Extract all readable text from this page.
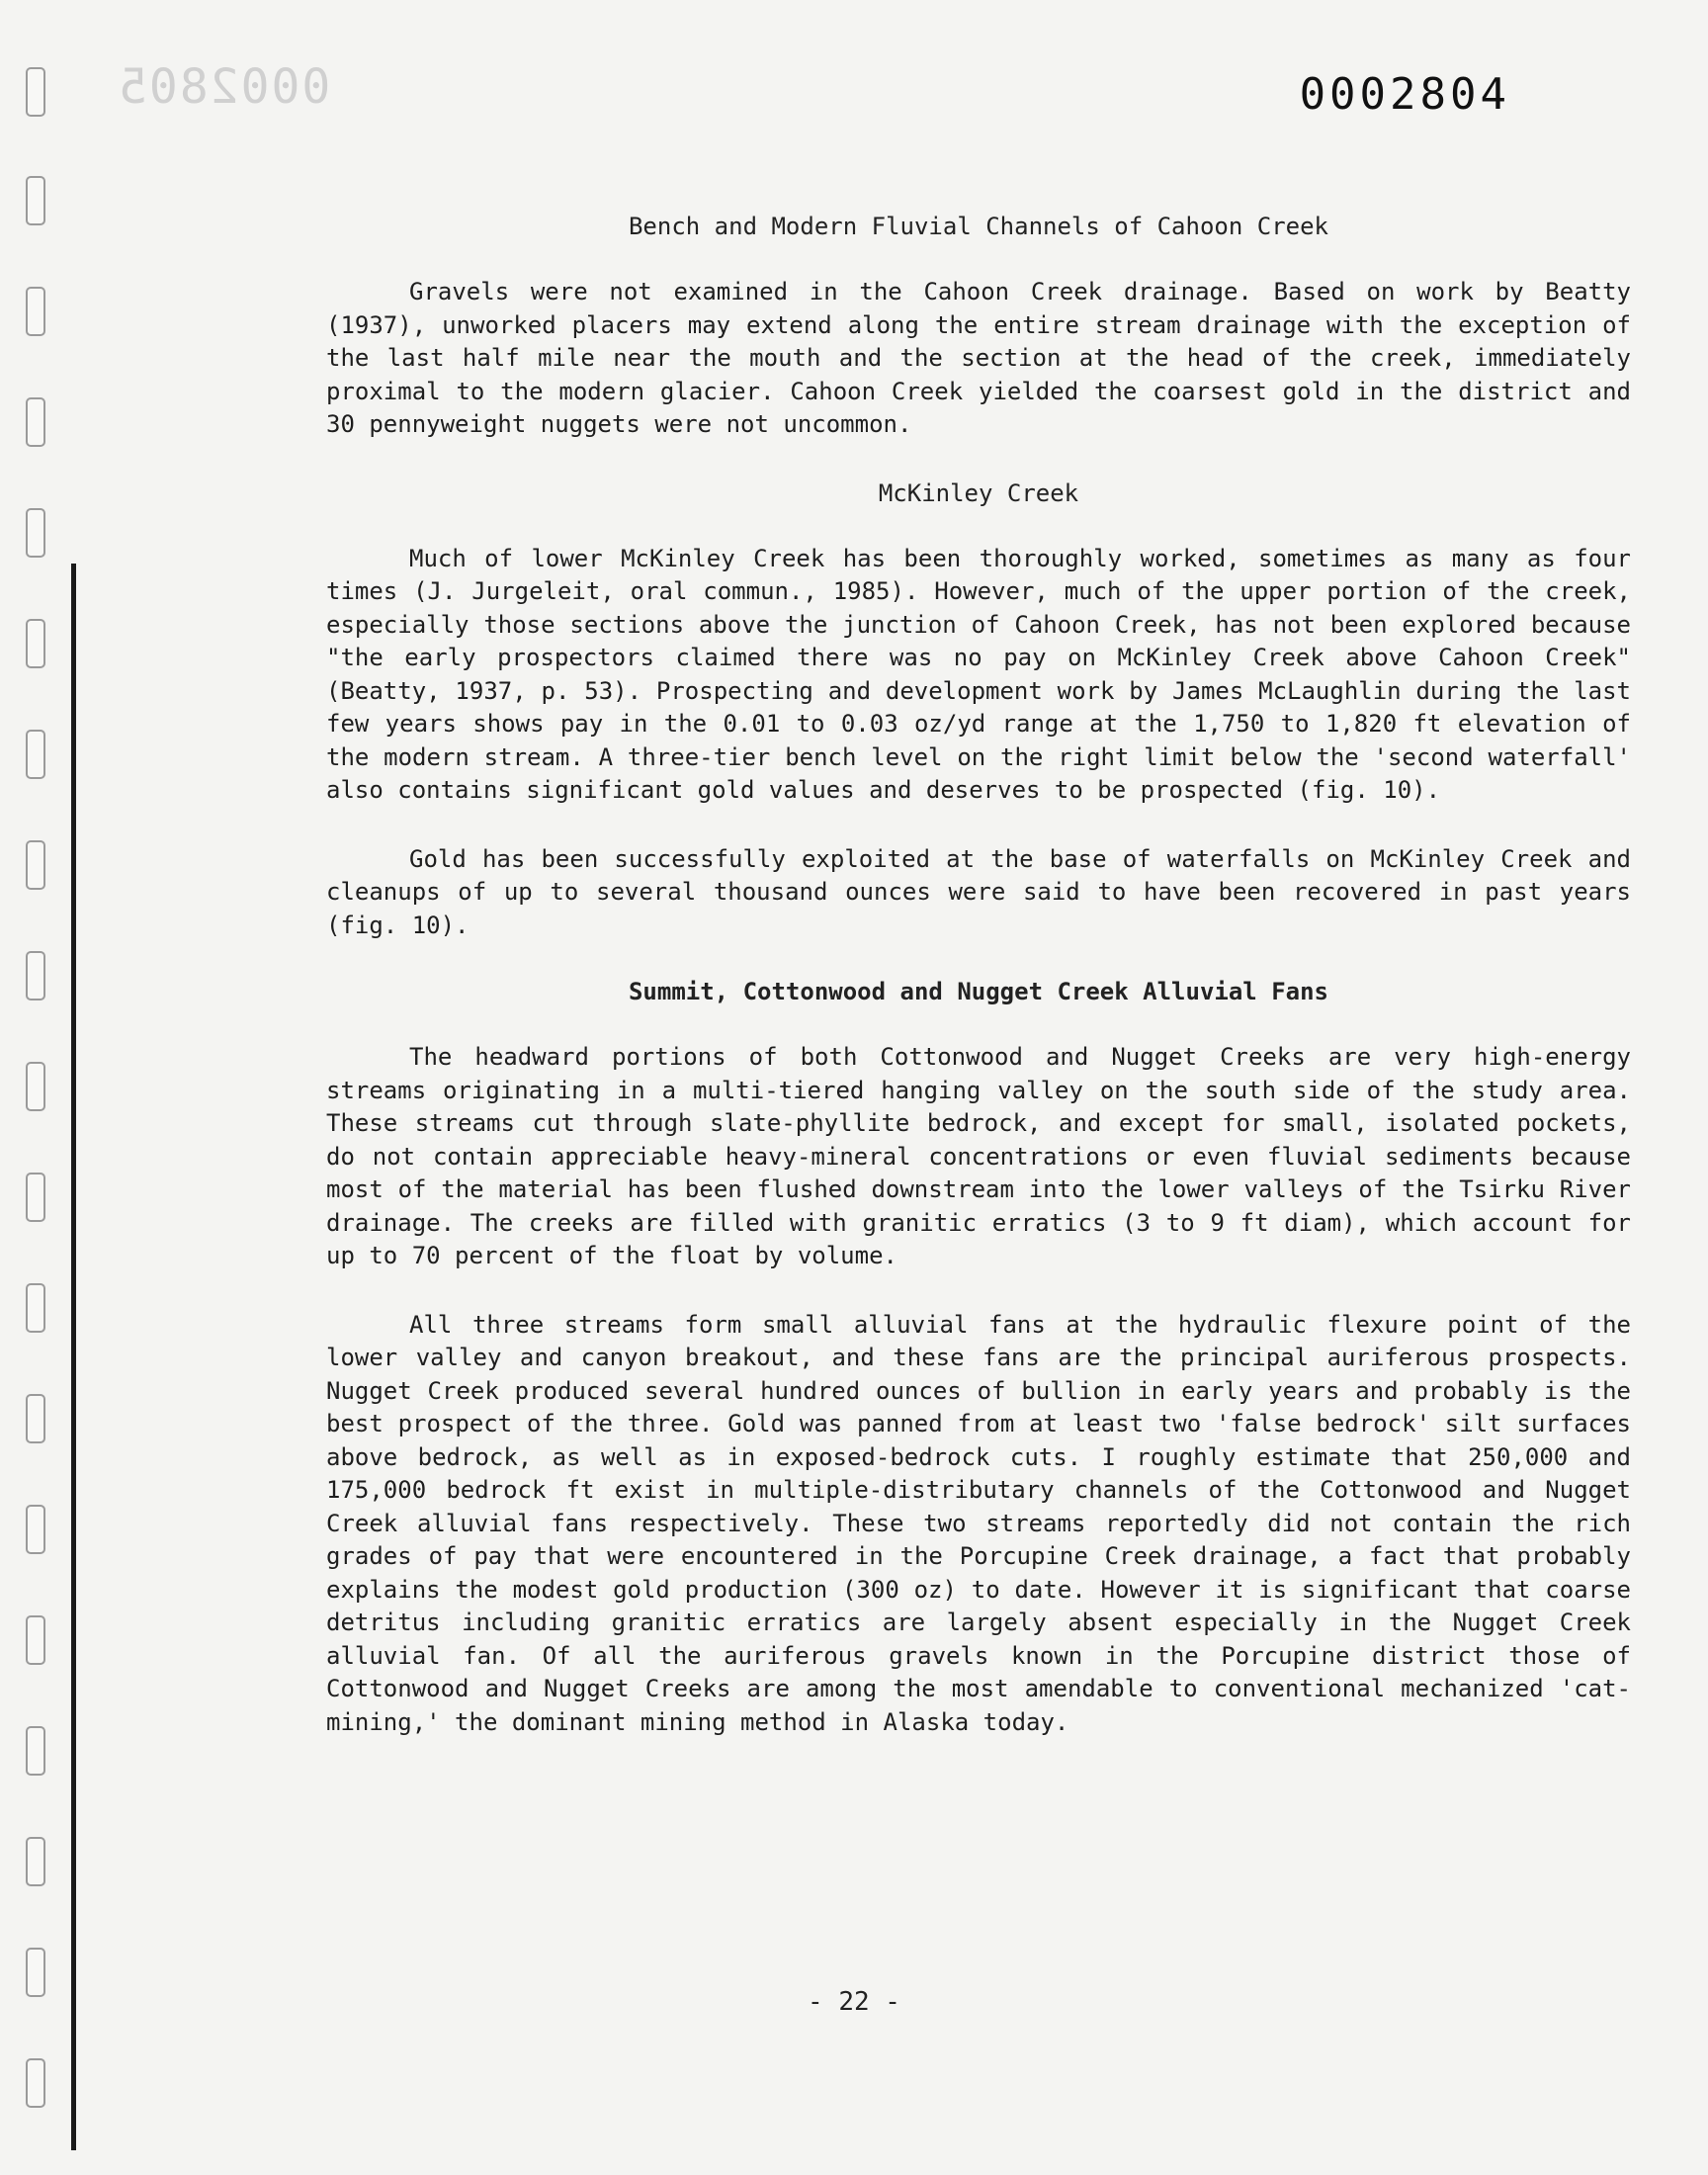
0002805	0002804
Bench and Modern Fluvial Channels of Cahoon Creek

Gravels were not examined in the Cahoon Creek drainage. Based on work by Beatty (1937), unworked placers may extend along the entire stream drainage with the exception of the last half mile near the mouth and the section at the head of the creek, immediately proximal to the modern glacier. Cahoon Creek yielded the coarsest gold in the district and 30 pennyweight nuggets were not uncommon.

McKinley Creek

Much of lower McKinley Creek has been thoroughly worked, sometimes as many as four times (J. Jurgeleit, oral commun., 1985). However, much of the upper portion of the creek, especially those sections above the junction of Cahoon Creek, has not been explored because "the early prospectors claimed there was no pay on McKinley Creek above Cahoon Creek" (Beatty, 1937, p. 53). Prospecting and development work by James McLaughlin during the last few years shows pay in the 0.01 to 0.03 oz/yd range at the 1,750 to 1,820 ft elevation of the modern stream. A three-tier bench level on the right limit below the 'second waterfall' also contains significant gold values and deserves to be prospected (fig. 10).

Gold has been successfully exploited at the base of waterfalls on McKinley Creek and cleanups of up to several thousand ounces were said to have been recovered in past years (fig. 10).

Summit, Cottonwood and Nugget Creek Alluvial Fans

The headward portions of both Cottonwood and Nugget Creeks are very high-energy streams originating in a multi-tiered hanging valley on the south side of the study area. These streams cut through slate-phyllite bedrock, and except for small, isolated pockets, do not contain appreciable heavy-mineral concentrations or even fluvial sediments because most of the material has been flushed downstream into the lower valleys of the Tsirku River drainage. The creeks are filled with granitic erratics (3 to 9 ft diam), which account for up to 70 percent of the float by volume.

All three streams form small alluvial fans at the hydraulic flexure point of the lower valley and canyon breakout, and these fans are the principal auriferous prospects. Nugget Creek produced several hundred ounces of bullion in early years and probably is the best prospect of the three. Gold was panned from at least two 'false bedrock' silt surfaces above bedrock, as well as in exposed-bedrock cuts. I roughly estimate that 250,000 and 175,000 bedrock ft exist in multiple-distributary channels of the Cottonwood and Nugget Creek alluvial fans respectively. These two streams reportedly did not contain the rich grades of pay that were encountered in the Porcupine Creek drainage, a fact that probably explains the modest gold production (300 oz) to date. However it is significant that coarse detritus including granitic erratics are largely absent especially in the Nugget Creek alluvial fan. Of all the auriferous gravels known in the Porcupine district those of Cottonwood and Nugget Creeks are among the most amendable to conventional mechanized 'cat-mining,' the dominant mining method in Alaska today.

- 22 -
